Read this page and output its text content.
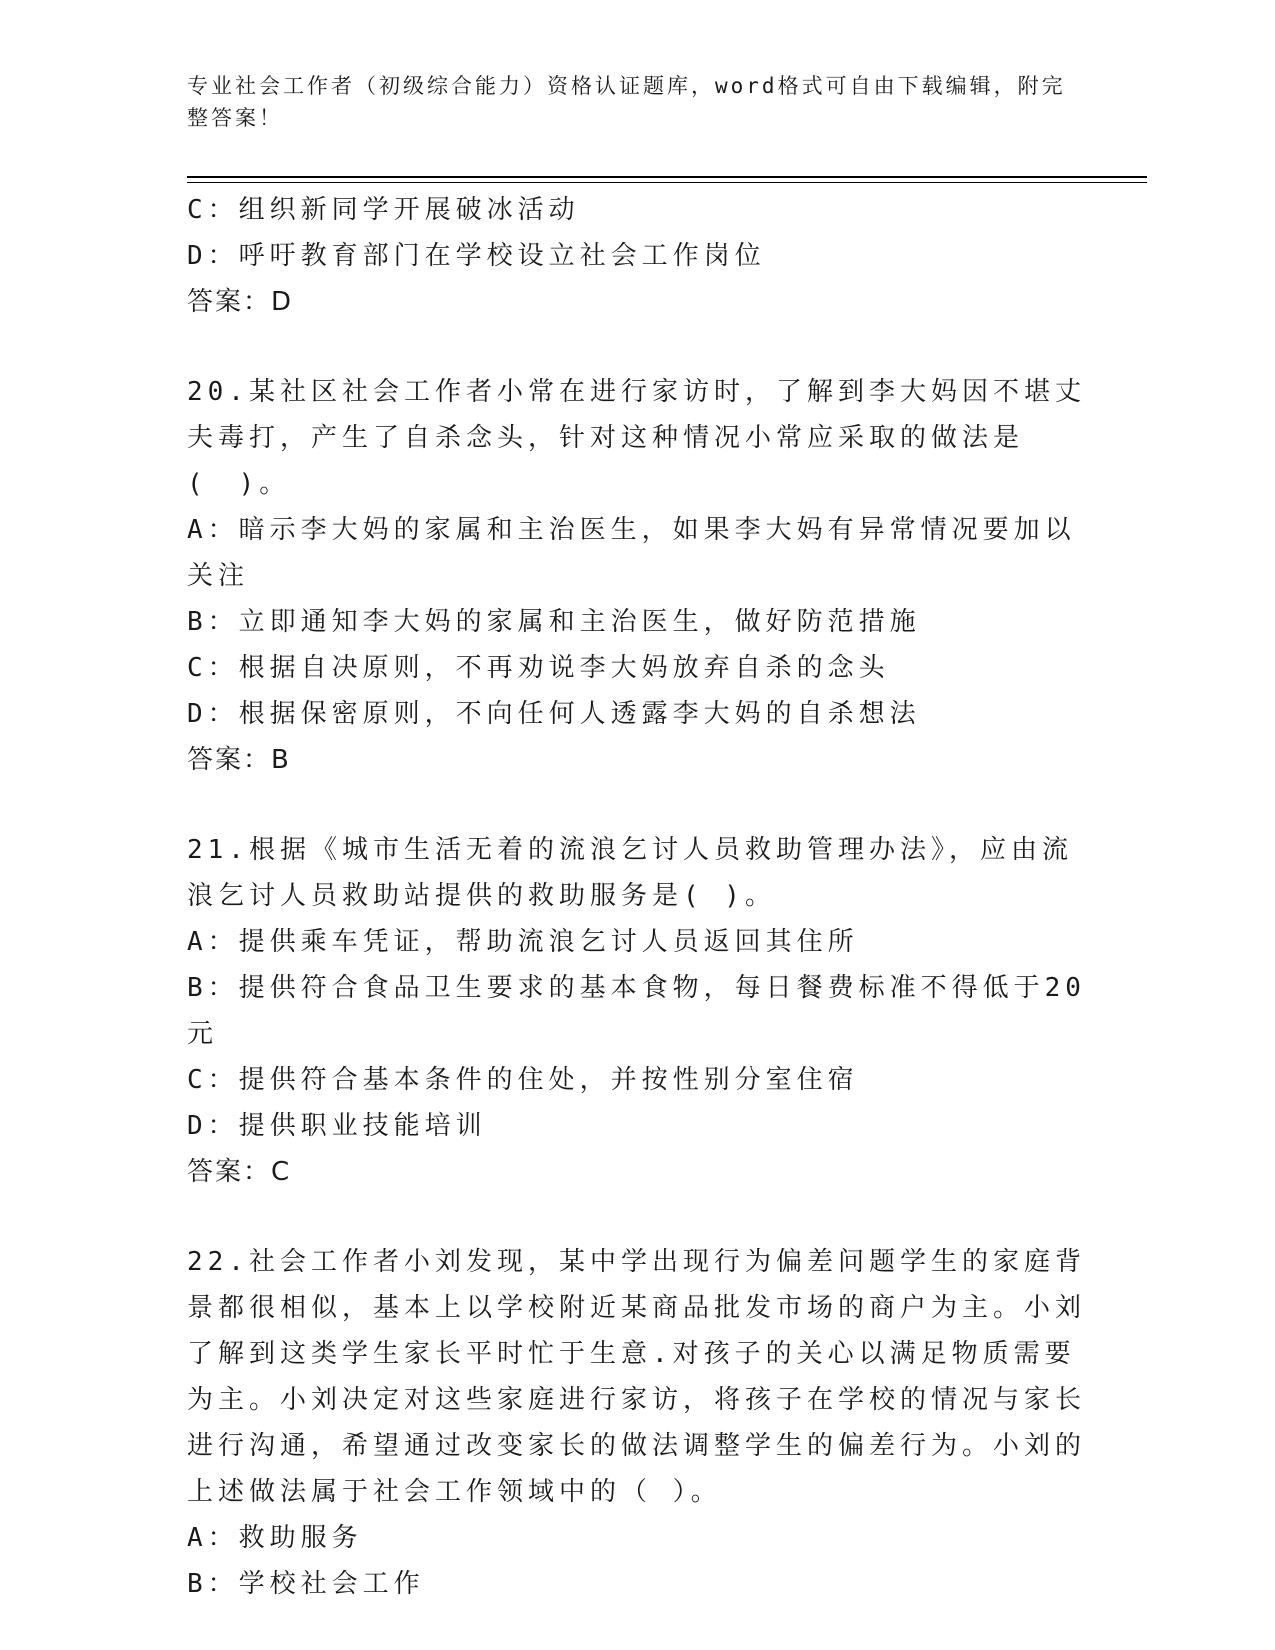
专业社会工作者（初级综合能力）资格认证题库，word格式可自由下载编辑，附完整答案！
C：组织新同学开展破冰活动
D：呼吁教育部门在学校设立社会工作岗位
答案：D
20.某社区社会工作者小常在进行家访时，了解到李大妈因不堪丈夫毒打，产生了自杀念头，针对这种情况小常应采取的做法是(　)。
A：暗示李大妈的家属和主治医生，如果李大妈有异常情况要加以关注
B：立即通知李大妈的家属和主治医生，做好防范措施
C：根据自决原则，不再劝说李大妈放弃自杀的念头
D：根据保密原则，不向任何人透露李大妈的自杀想法
答案：B
21.根据《城市生活无着的流浪乞讨人员救助管理办法》，应由流浪乞讨人员救助站提供的救助服务是( )。
A：提供乘车凭证，帮助流浪乞讨人员返回其住所
B：提供符合食品卫生要求的基本食物，每日餐费标准不得低于20元
C：提供符合基本条件的住处，并按性别分室住宿
D：提供职业技能培训
答案：C
22.社会工作者小刘发现，某中学出现行为偏差问题学生的家庭背景都很相似，基本上以学校附近某商品批发市场的商户为主。小刘了解到这类学生家长平时忙于生意.对孩子的关心以满足物质需要为主。小刘决定对这些家庭进行家访，将孩子在学校的情况与家长进行沟通，希望通过改变家长的做法调整学生的偏差行为。小刘的上述做法属于社会工作领域中的（ ）。
A：救助服务
B：学校社会工作
